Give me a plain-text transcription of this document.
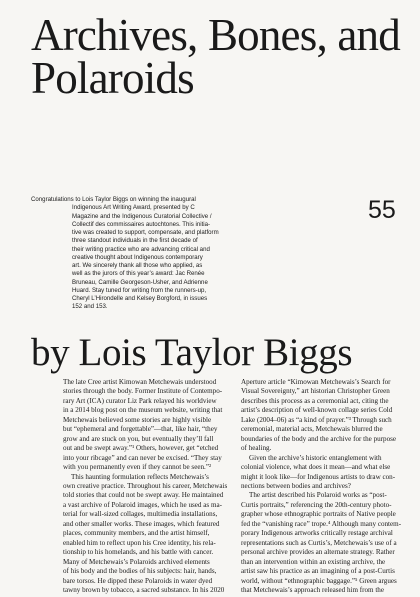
Archives, Bones, and
Polaroids

Congratulations to Lois Taylor Biggs on winning the inaugural
Indigenous Art Writing Award, presented by C
Magazine and the Indigenous Curatorial Collective /
Collectif des commissaires autochtones. This initia-
tive was created to support, compensate, and platform
three standout individuals in the first decade of
their writing practice who are advancing critical and
creative thought about Indigenous contemporary
art. We sincerely thank all those who applied, as
well as the jurors of this year’s award: Jac Renée
Bruneau, Camille Georgeson-Usher, and Adrienne
Huard. Stay tuned for writing from the runners-up,
Cheryl L’Hirondelle and Kelsey Borgford, in issues
152 and 153.

55
by Lois Taylor Biggs
The late Cree artist Kimowan Metchewais understood
stories through the body. Former Institute of Contempo-
rary Art (ICA) curator Liz Park relayed his worldview
in a 2014 blog post on the museum website, writing that
Metchewais believed some stories are highly visible
but “ephemeral and forgettable”—that, like hair, “they
grow and are stuck on you, but eventually they’ll fall
out and be swept away.”¹ Others, however, get “etched
into your ribcage” and can never be excised. “They stay
with you permanently even if they cannot be seen.”²
This haunting formulation reflects Metchewais’s
own creative practice. Throughout his career, Metchewais
told stories that could not be swept away. He maintained
a vast archive of Polaroid images, which he used as ma-
terial for wall-sized collages, multimedia installations,
and other smaller works. These images, which featured
places, community members, and the artist himself,
enabled him to reflect upon his Cree identity, his rela-
tionship to his homelands, and his battle with cancer.
Many of Metchewais’s Polaroids archived elements
of his body and the bodies of his subjects: hair, hands,
bare torsos. He dipped these Polaroids in water dyed
tawny brown by tobacco, a sacred substance. In his 2020
Aperture article “Kimowan Metchewais’s Search for
Visual Sovereignty,” art historian Christopher Green
describes this process as a ceremonial act, citing the
artist’s description of well-known collage series Cold
Lake (2004–06) as “a kind of prayer.”³ Through such
ceremonial, material acts, Metchewais blurred the
boundaries of the body and the archive for the purpose
of healing.
Given the archive’s historic entanglement with
colonial violence, what does it mean—and what else
might it look like—for Indigenous artists to draw con-
nections between bodies and archives?
The artist described his Polaroid works as “post-
Curtis portraits,” referencing the 20th-century photo-
grapher whose ethnographic portraits of Native people
fed the “vanishing race” trope.⁴ Although many contem-
porary Indigenous artworks critically restage archival
representations such as Curtis’s, Metchewais’s use of a
personal archive provides an alternate strategy. Rather
than an intervention within an existing archive, the
artist saw his practice as an imagining of a post-Curtis
world, without “ethnographic baggage.”⁵ Green argues
that Metchewais’s approach released him from the
